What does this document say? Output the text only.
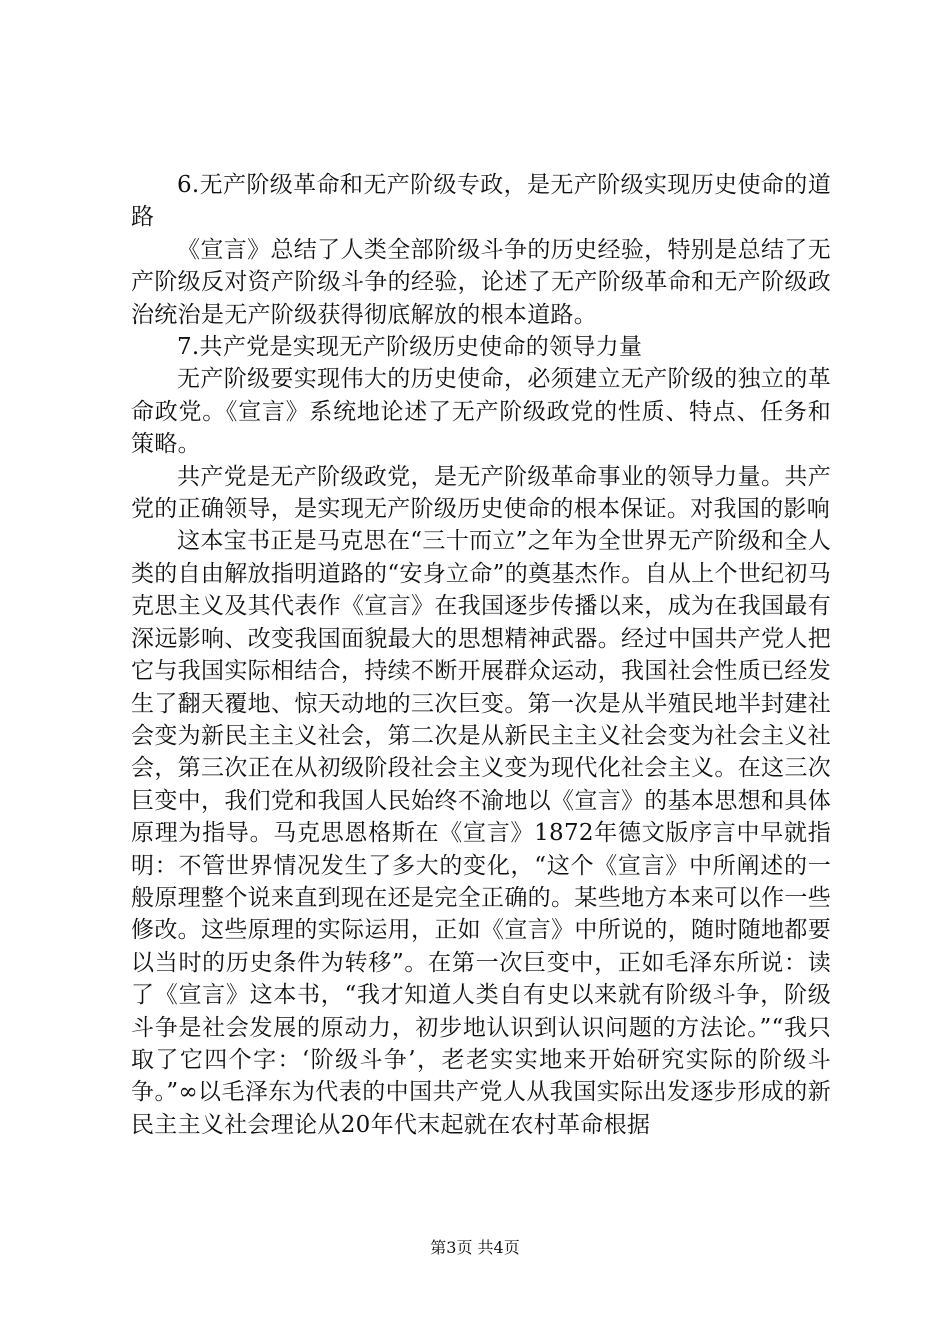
6.无产阶级革命和无产阶级专政，是无产阶级实现历史使命的道路

《宣言》总结了人类全部阶级斗争的历史经验，特别是总结了无产阶级反对资产阶级斗争的经验，论述了无产阶级革命和无产阶级政治统治是无产阶级获得彻底解放的根本道路。

7.共产党是实现无产阶级历史使命的领导力量

无产阶级要实现伟大的历史使命，必须建立无产阶级的独立的革命政党。《宣言》系统地论述了无产阶级政党的性质、特点、任务和策略。

共产党是无产阶级政党，是无产阶级革命事业的领导力量。共产党的正确领导，是实现无产阶级历史使命的根本保证。对我国的影响

这本宝书正是马克思在“三十而立”之年为全世界无产阶级和全人类的自由解放指明道路的“安身立命”的奠基杰作。自从上个世纪初马克思主义及其代表作《宣言》在我国逐步传播以来，成为在我国最有深远影响、改变我国面貌最大的思想精神武器。经过中国共产党人把它与我国实际相结合，持续不断开展群众运动，我国社会性质已经发生了翻天覆地、惊天动地的三次巨变。第一次是从半殖民地半封建社会变为新民主主义社会，第二次是从新民主主义社会变为社会主义社会，第三次正在从初级阶段社会主义变为现代化社会主义。在这三次巨变中，我们党和我国人民始终不渝地以《宣言》的基本思想和具体原理为指导。马克思恩格斯在《宣言》1872年德文版序言中早就指明：不管世界情况发生了多大的变化，“这个《宣言》中所阐述的一般原理整个说来直到现在还是完全正确的。某些地方本来可以作一些修改。这些原理的实际运用，正如《宣言》中所说的，随时随地都要以当时的历史条件为转移”。在第一次巨变中，正如毛泽东所说：读了《宣言》这本书，“我才知道人类自有史以来就有阶级斗争，阶级斗争是社会发展的原动力，初步地认识到认识问题的方法论。”“我只取了它四个字：‘阶级斗争’，老老实实地来开始研究实际的阶级斗争。”∞以毛泽东为代表的中国共产党人从我国实际出发逐步形成的新民主主义社会理论从20年代末起就在农村革命根据

第3页 共4页
